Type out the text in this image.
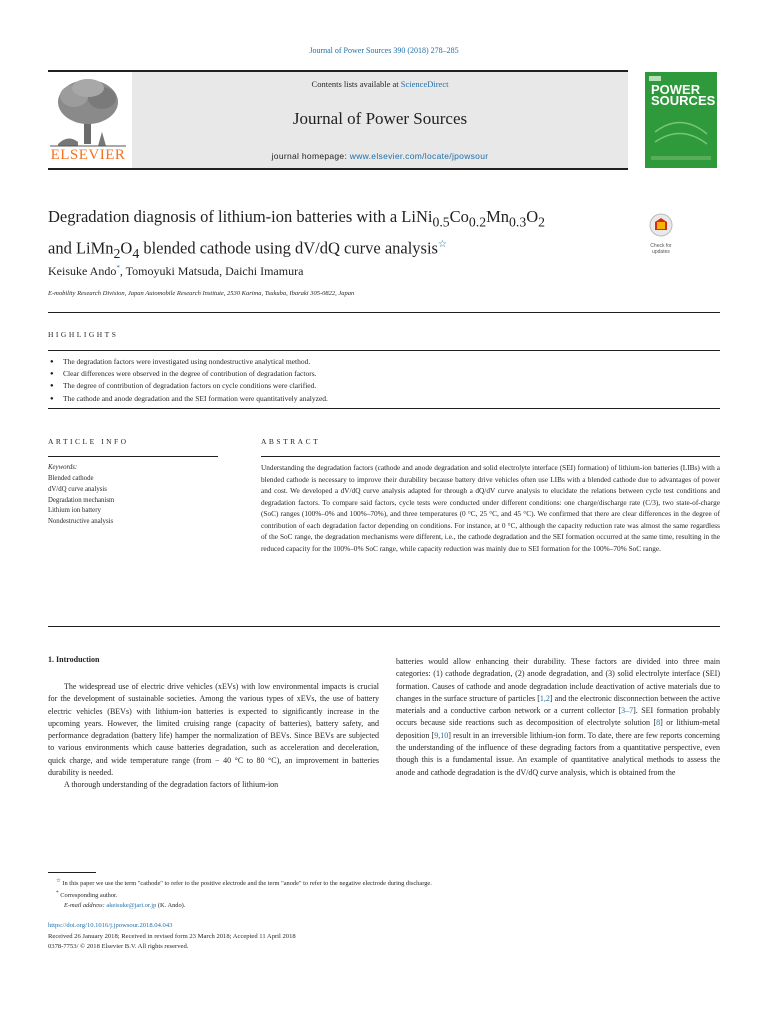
Journal of Power Sources 390 (2018) 278–285
ELSEVIER
Contents lists available at ScienceDirect
Journal of Power Sources
journal homepage: www.elsevier.com/locate/jpowsour
POWER
SOURCES
Degradation diagnosis of lithium-ion batteries with a $LiNi_{0.5}Co_{0.2}Mn_{0.3}O_2$
and $LiMn_2O_4$ blended cathode using dV/dQ curve analysis☆	Check for
updates
Keisuke Ando*, Tomoyuki Matsuda, Daichi Imamura
E-mobility Research Division, Japan Automobile Research Institute, 2530 Karima, Tsukuba, Ibaraki 305-0822, Japan
HIGHLIGHTS
● The degradation factors were investigated using nondestructive analytical method.
● Clear differences were observed in the degree of contribution of degradation factors.
● The degree of contribution of degradation factors on cycle conditions were clarified.
● The cathode and anode degradation and the SEI formation were quantitatively analyzed.
ARTICLE INFO
Keywords:
Blended cathode
dV/dQ curve analysis
Degradation mechanism
Lithium ion battery
Nondestructive analysis
ABSTRACT
Understanding the degradation factors (cathode and anode degradation and solid electrolyte interface (SEI) formation) of lithium-ion batteries (LIBs) with a blended cathode is necessary to improve their durability because battery drive vehicles often use LIBs with a blended cathode due to advantages of power and cost. We developed a dV/dQ curve analysis adapted for through a dQ/dV curve analysis to elucidate the relations between cycle test conditions and degradation factors. To compare said factors, cycle tests were conducted under different conditions: one charge/discharge rate (C/3), two state-of-charge (SoC) ranges (100%–0% and 100%–70%), and three temperatures (0 °C, 25 °C, and 45 °C). We confirmed that there are clear differences in the degree of contribution of each degradation factor depending on conditions. For instance, at 0 °C, although the capacity reduction rate was almost the same regardless of the SoC range, the degradation mechanisms were different, i.e., the cathode degradation and the SEI formation occurred at the same time, resulting in the reduced capacity for the 100%–0% SoC range, while capacity reduction was mainly due to SEI formation for the 100%–70% SoC range.
1. Introduction

The widespread use of electric drive vehicles (xEVs) with low environmental impacts is crucial for the development of sustainable societies. Among the various types of xEVs, the use of battery electric vehicles (BEVs) with lithium-ion batteries is expected to significantly increase in the upcoming years. However, the limited cruising range (capacity of batteries), battery safety, and performance degradation (battery life) hamper the normalization of BEVs. Since BEVs are subjected to various environments which cause batteries degradation, such as acceleration and deceleration, quick charge, and wide temperature range (from − 40 °C to 80 °C), an improvement in batteries durability is needed.

A thorough understanding of the degradation factors of lithium-ion

batteries would allow enhancing their durability. These factors are divided into three main categories: (1) cathode degradation, (2) anode degradation, and (3) solid electrolyte interface (SEI) formation. Causes of cathode and anode degradation include deactivation of active materials due to changes in the surface structure of particles [1,2] and the electronic disconnection between the active materials and a conductive carbon network or a current collector [3–7]. SEI formation probably occurs because side reactions such as decomposition of electrolyte solution [8] or lithium-metal deposition [9,10] result in an irreversible lithium-ion form. To date, there are few reports concerning the understanding of the influence of these degrading factors from a quantitative perspective, even though this is a fundamental issue. An example of quantitative analytical methods to assess the anode and cathode degradation is the dV/dQ curve analysis, which is obtained from the

☆ In this paper we use the term "cathode" to refer to the positive electrode and the term "anode" to refer to the negative electrode during discharge.
* Corresponding author.
E-mail address: akeisuke@jari.or.jp (K. Ando).
https://doi.org/10.1016/j.jpowsour.2018.04.043
Received 26 January 2018; Received in revised form 23 March 2018; Accepted 11 April 2018
0378-7753/ © 2018 Elsevier B.V. All rights reserved.
